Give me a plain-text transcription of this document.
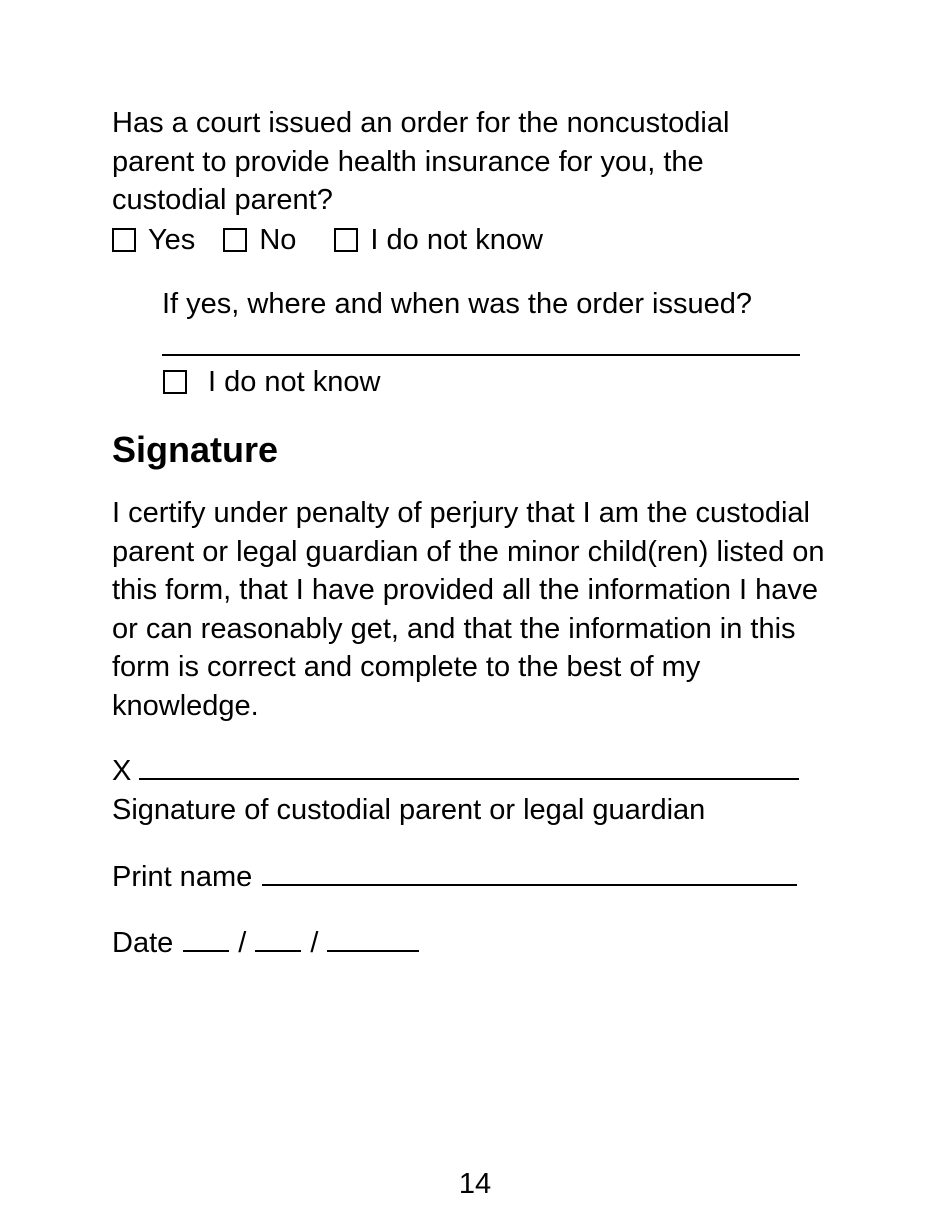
Has a court issued an order for the noncustodial parent to provide health insurance for you, the custodial parent?
Yes No	I do not know
If yes, where and when was the order issued?
I do not know
Signature
I certify under penalty of perjury that I am the custodial parent or legal guardian of the minor child(ren) listed on this form, that I have provided all the information I have or can reasonably get, and that the information in this form is correct and complete to the best of my knowledge.
X
Signature of custodial parent or legal guardian
Print name
Date / /
14
